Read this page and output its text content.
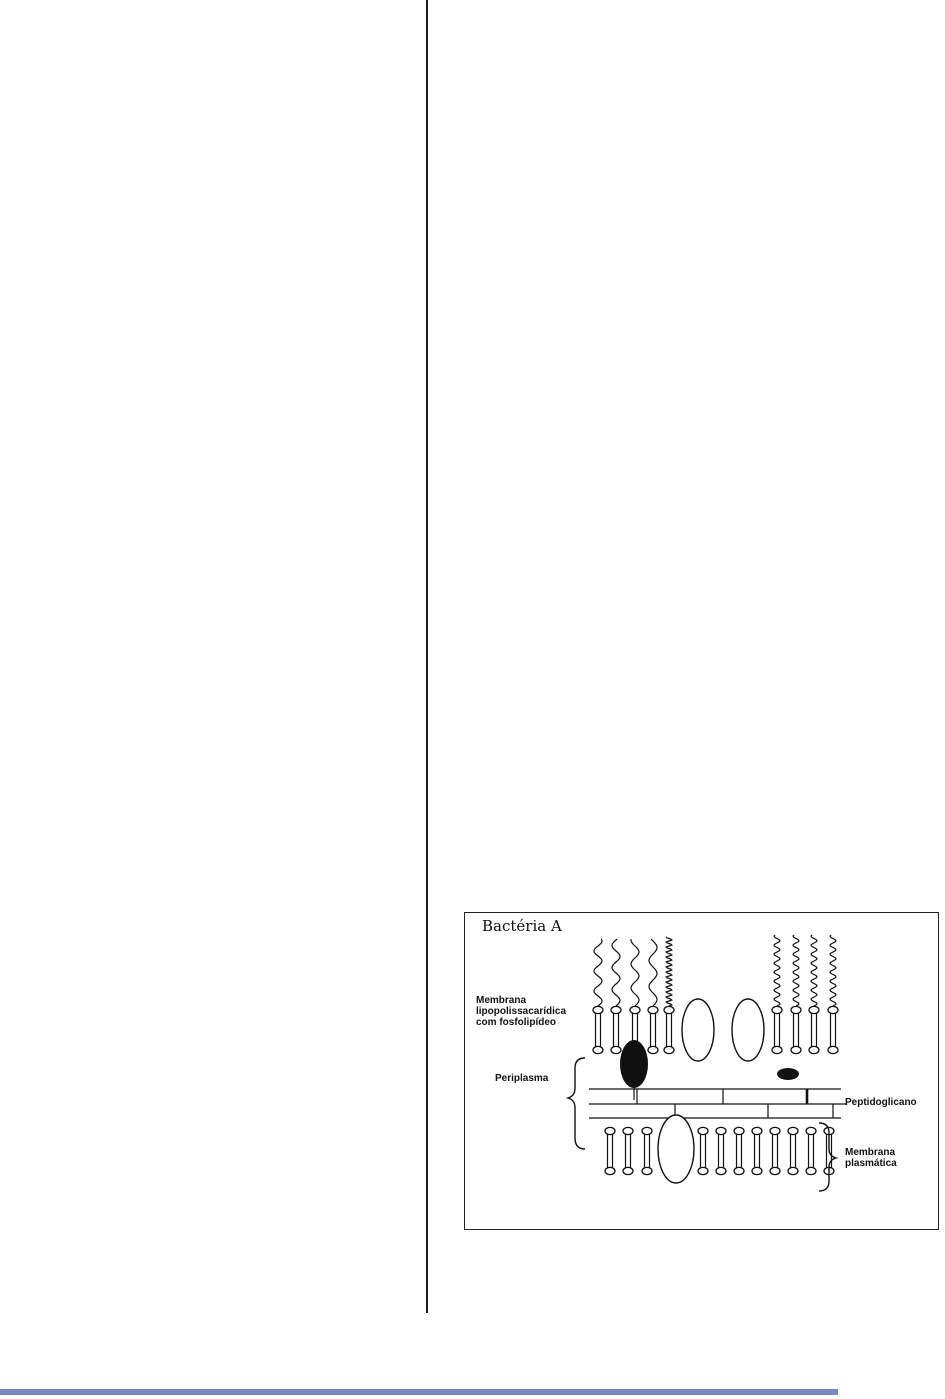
Bactéria A
Membrana
lipopolissacarídica
com fosfolipídeo
Periplasma
Peptidoglicano
Membrana
plasmática
